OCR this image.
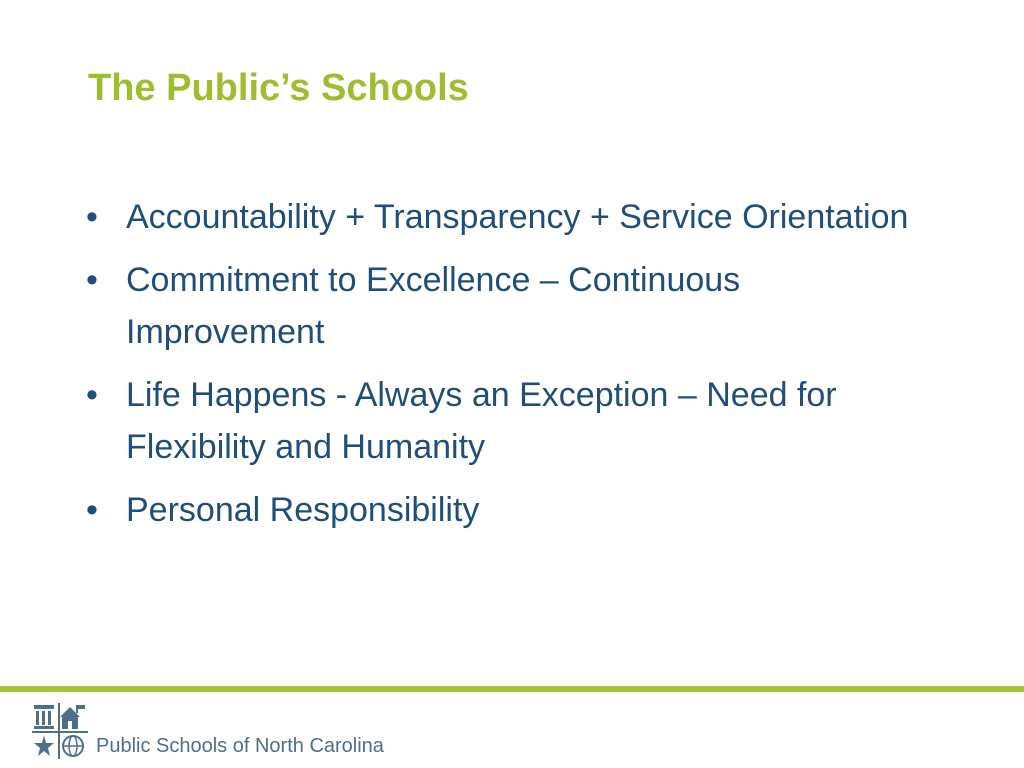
The Public’s Schools
• Accountability + Transparency + Service Orientation
• Commitment to Excellence – Continuous Improvement
• Life Happens - Always an Exception – Need for Flexibility and Humanity
• Personal Responsibility
Public Schools of North Carolina
